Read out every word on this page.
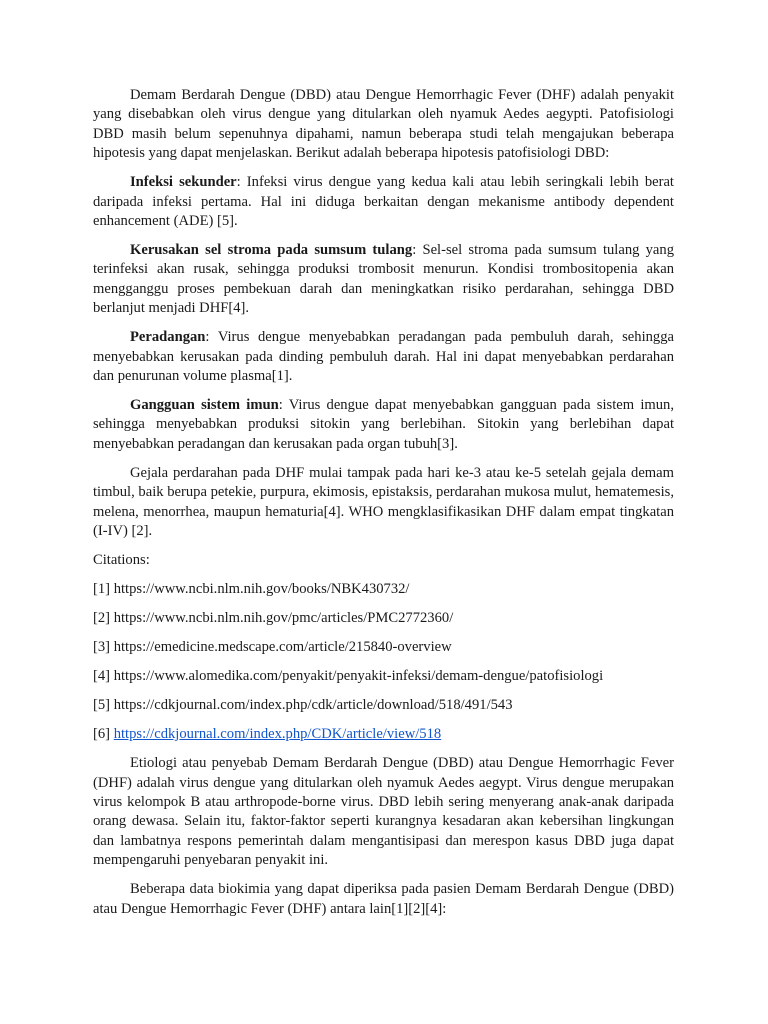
Demam Berdarah Dengue (DBD) atau Dengue Hemorrhagic Fever (DHF) adalah penyakit yang disebabkan oleh virus dengue yang ditularkan oleh nyamuk Aedes aegypti. Patofisiologi DBD masih belum sepenuhnya dipahami, namun beberapa studi telah mengajukan beberapa hipotesis yang dapat menjelaskan. Berikut adalah beberapa hipotesis patofisiologi DBD:

Infeksi sekunder: Infeksi virus dengue yang kedua kali atau lebih seringkali lebih berat daripada infeksi pertama. Hal ini diduga berkaitan dengan mekanisme antibody dependent enhancement (ADE) [5].

Kerusakan sel stroma pada sumsum tulang: Sel-sel stroma pada sumsum tulang yang terinfeksi akan rusak, sehingga produksi trombosit menurun. Kondisi trombositopenia akan mengganggu proses pembekuan darah dan meningkatkan risiko perdarahan, sehingga DBD berlanjut menjadi DHF[4].

Peradangan: Virus dengue menyebabkan peradangan pada pembuluh darah, sehingga menyebabkan kerusakan pada dinding pembuluh darah. Hal ini dapat menyebabkan perdarahan dan penurunan volume plasma[1].

Gangguan sistem imun: Virus dengue dapat menyebabkan gangguan pada sistem imun, sehingga menyebabkan produksi sitokin yang berlebihan. Sitokin yang berlebihan dapat menyebabkan peradangan dan kerusakan pada organ tubuh[3].

Gejala perdarahan pada DHF mulai tampak pada hari ke-3 atau ke-5 setelah gejala demam timbul, baik berupa petekie, purpura, ekimosis, epistaksis, perdarahan mukosa mulut, hematemesis, melena, menorrhea, maupun hematuria[4]. WHO mengklasifikasikan DHF dalam empat tingkatan (I-IV) [2].

Citations:

[1] https://www.ncbi.nlm.nih.gov/books/NBK430732/

[2] https://www.ncbi.nlm.nih.gov/pmc/articles/PMC2772360/

[3] https://emedicine.medscape.com/article/215840-overview

[4] https://www.alomedika.com/penyakit/penyakit-infeksi/demam-dengue/patofisiologi

[5] https://cdkjournal.com/index.php/cdk/article/download/518/491/543

[6] https://cdkjournal.com/index.php/CDK/article/view/518

Etiologi atau penyebab Demam Berdarah Dengue (DBD) atau Dengue Hemorrhagic Fever (DHF) adalah virus dengue yang ditularkan oleh nyamuk Aedes aegypt. Virus dengue merupakan virus kelompok B atau arthropode-borne virus. DBD lebih sering menyerang anak-anak daripada orang dewasa. Selain itu, faktor-faktor seperti kurangnya kesadaran akan kebersihan lingkungan dan lambatnya respons pemerintah dalam mengantisipasi dan merespon kasus DBD juga dapat mempengaruhi penyebaran penyakit ini.

Beberapa data biokimia yang dapat diperiksa pada pasien Demam Berdarah Dengue (DBD) atau Dengue Hemorrhagic Fever (DHF) antara lain[1][2][4]:
